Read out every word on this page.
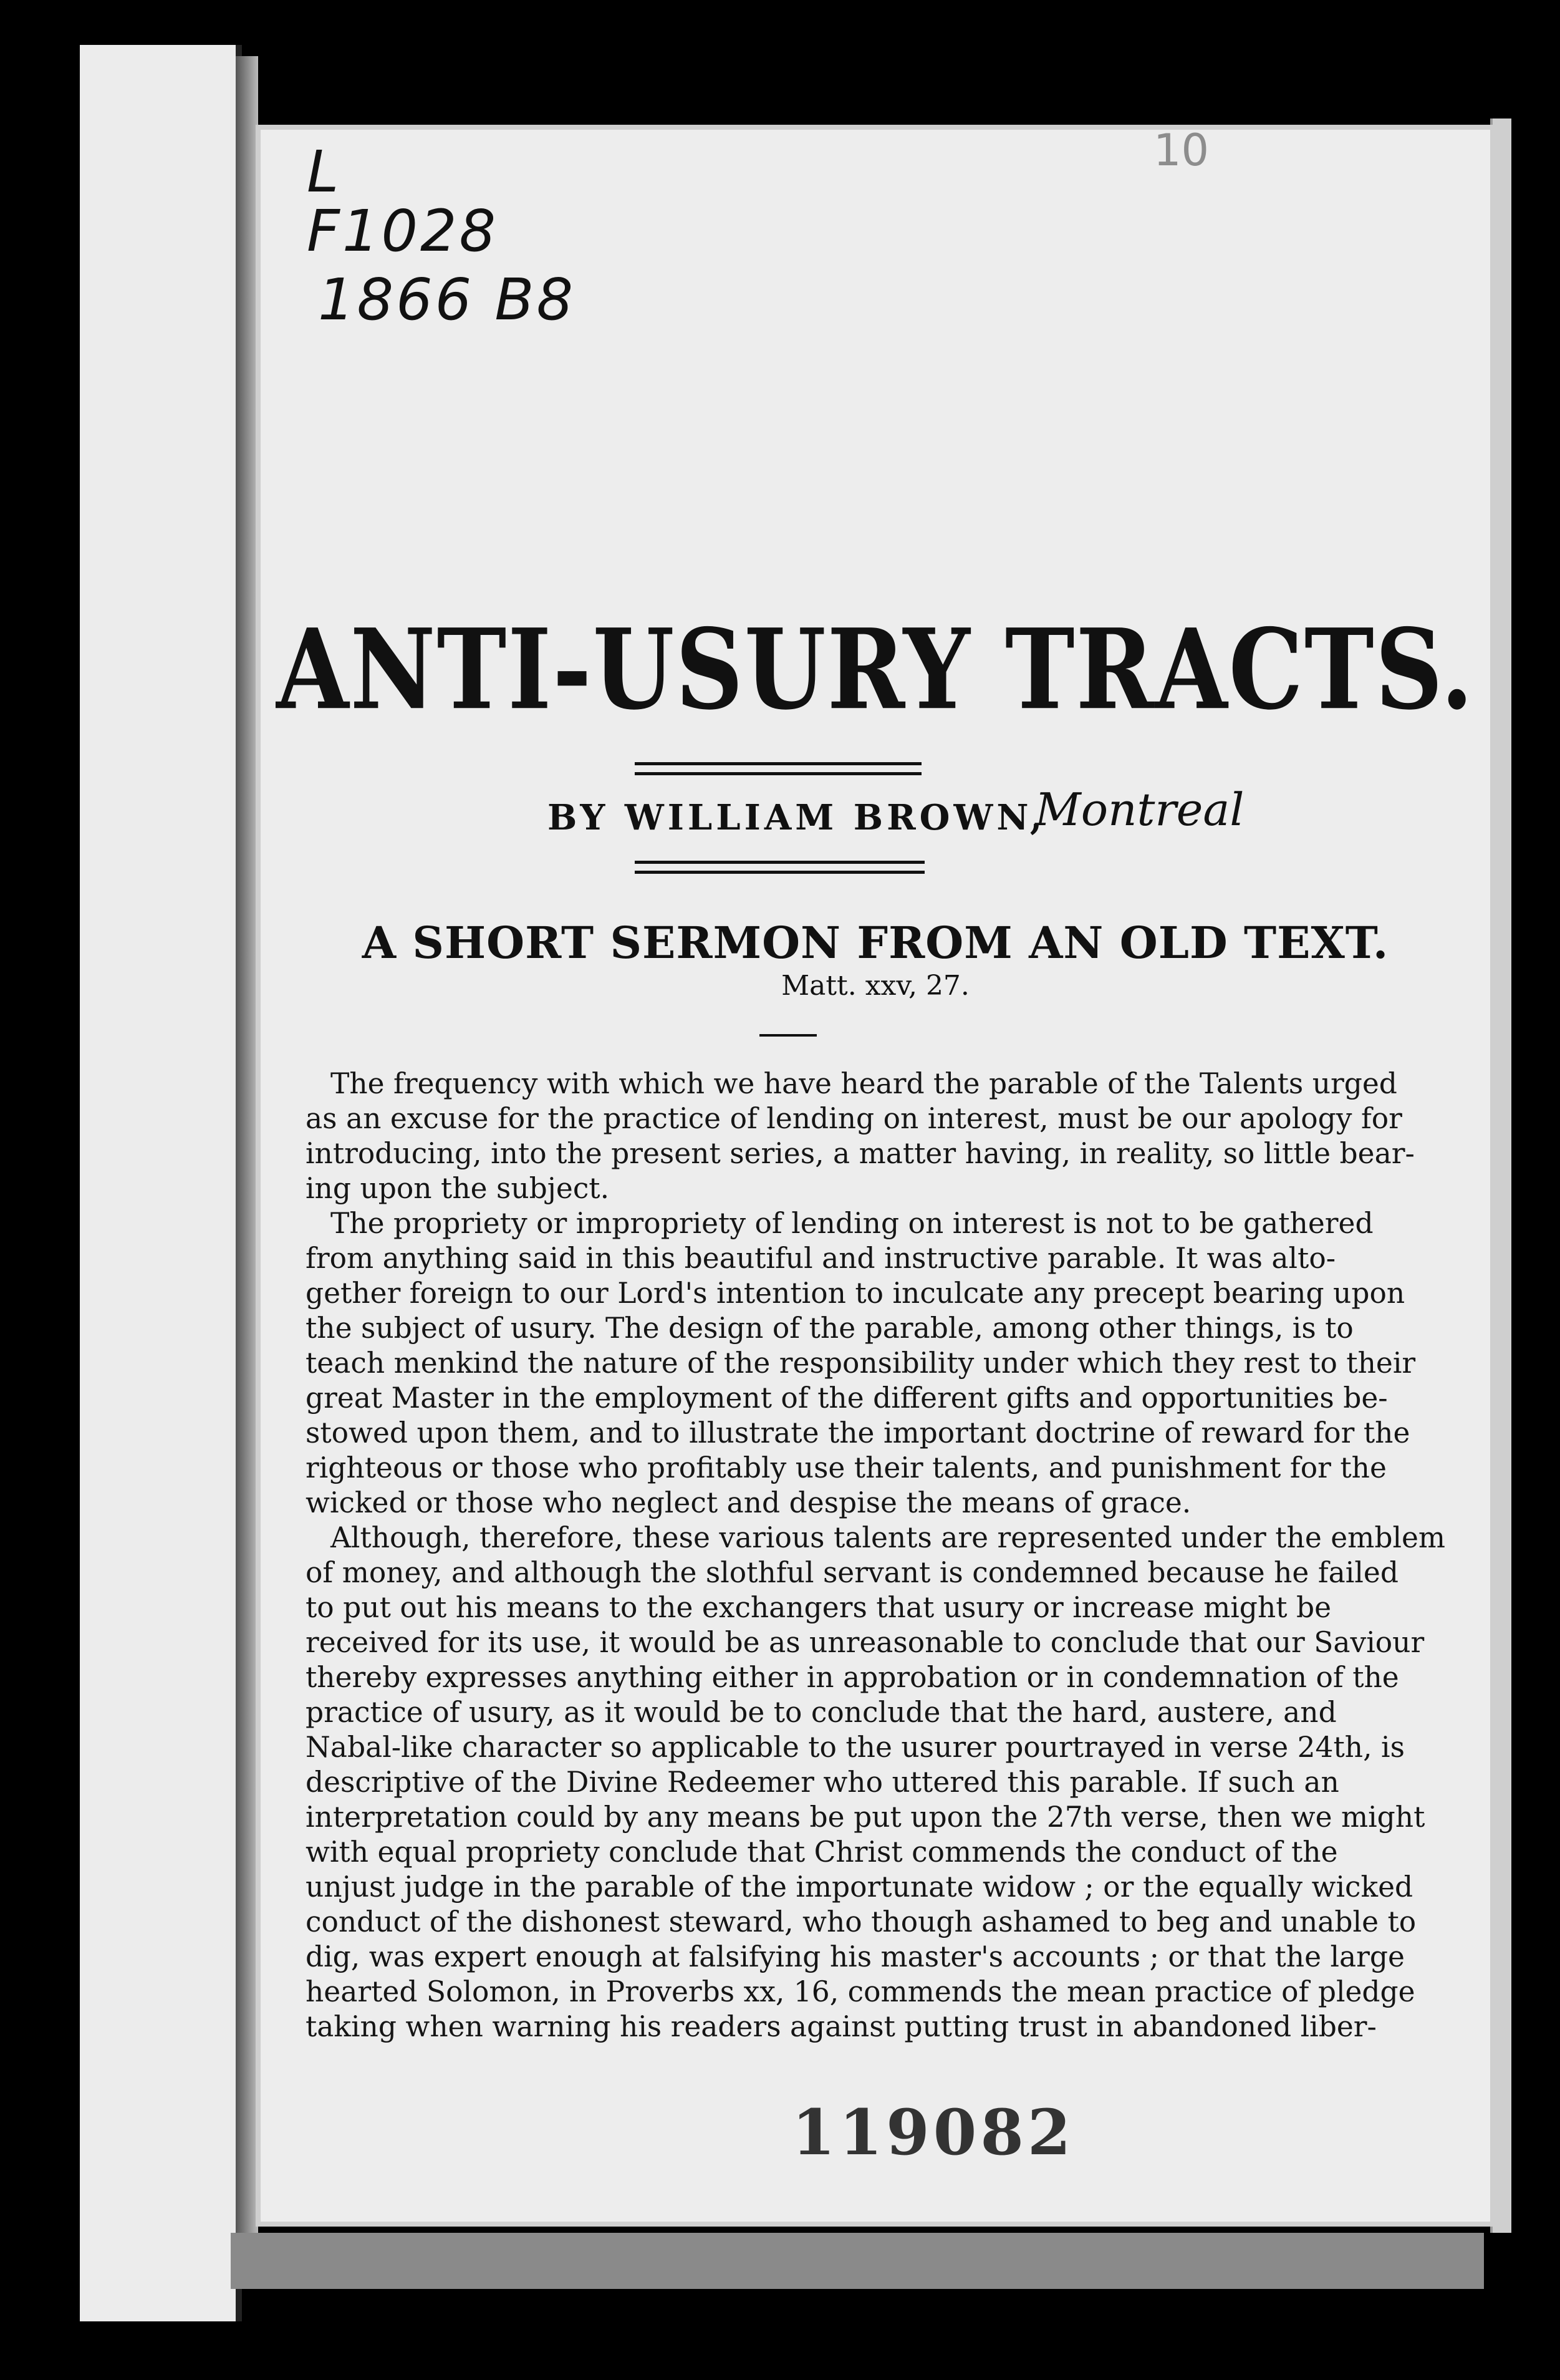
L
F1028
1866 B8
10
ANTI-USURY TRACTS.
BY WILLIAM BROWN,
Montreal
A SHORT SERMON FROM AN OLD TEXT.
Matt. xxv, 27.
The frequency with which we have heard the parable of the Talents urged
as an excuse for the practice of lending on interest, must be our apology for
introducing, into the present series, a matter having, in reality, so little bear-
ing upon the subject.
The propriety or impropriety of lending on interest is not to be gathered
from anything said in this beautiful and instructive parable. It was alto-
gether foreign to our Lord's intention to inculcate any precept bearing upon
the subject of usury. The design of the parable, among other things, is to
teach menkind the nature of the responsibility under which they rest to their
great Master in the employment of the different gifts and opportunities be-
stowed upon them, and to illustrate the important doctrine of reward for the
righteous or those who profitably use their talents, and punishment for the
wicked or those who neglect and despise the means of grace.
Although, therefore, these various talents are represented under the emblem
of money, and although the slothful servant is condemned because he failed
to put out his means to the exchangers that usury or increase might be
received for its use, it would be as unreasonable to conclude that our Saviour
thereby expresses anything either in approbation or in condemnation of the
practice of usury, as it would be to conclude that the hard, austere, and
Nabal-like character so applicable to the usurer pourtrayed in verse 24th, is
descriptive of the Divine Redeemer who uttered this parable. If such an
interpretation could by any means be put upon the 27th verse, then we might
with equal propriety conclude that Christ commends the conduct of the
unjust judge in the parable of the importunate widow ; or the equally wicked
conduct of the dishonest steward, who though ashamed to beg and unable to
dig, was expert enough at falsifying his master's accounts ; or that the large
hearted Solomon, in Proverbs xx, 16, commends the mean practice of pledge
taking when warning his readers against putting trust in abandoned liber-
119082
